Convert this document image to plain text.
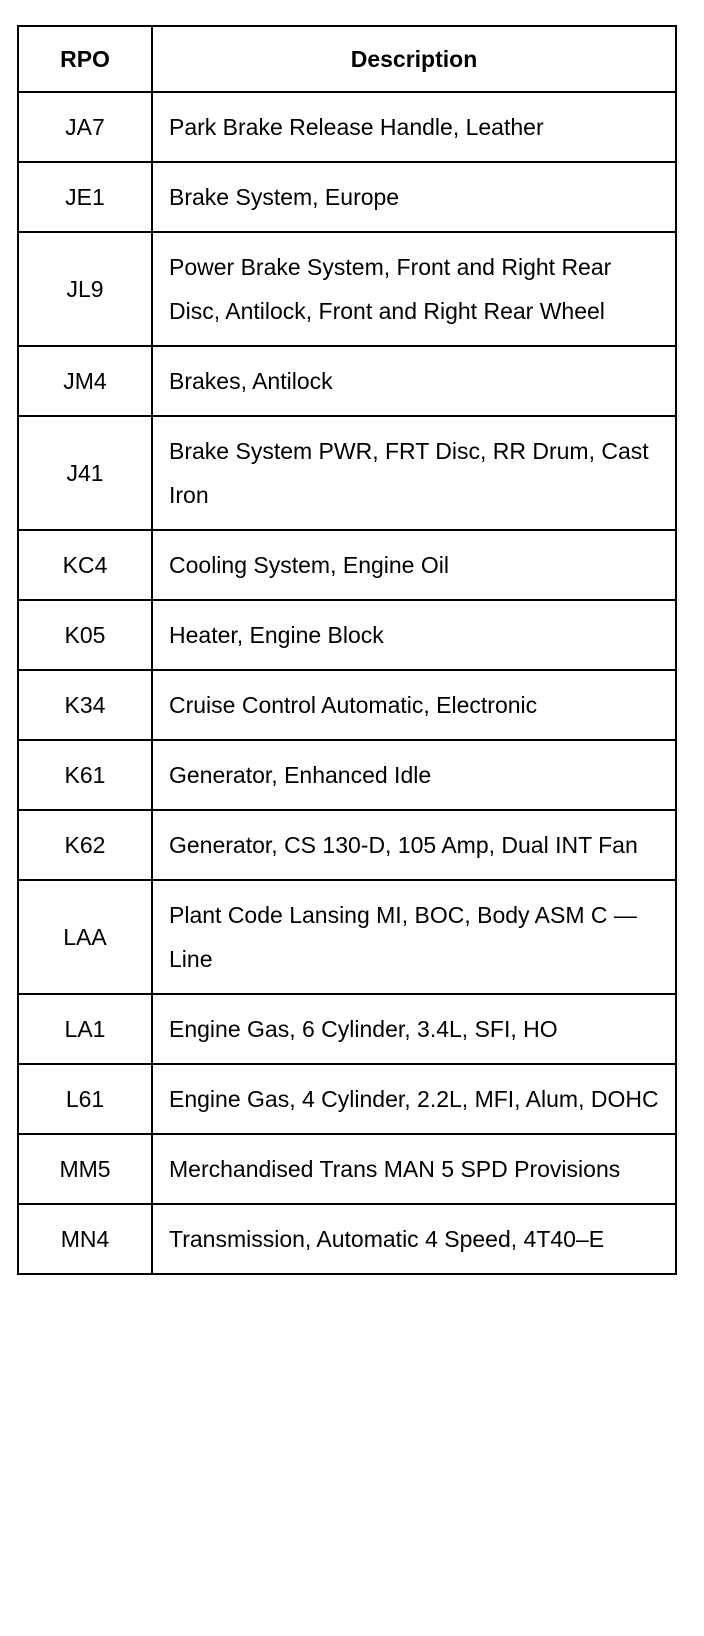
RPO	Description
JA7	Park Brake Release Handle, Leather
JE1	Brake System, Europe
JL9	Power Brake System, Front and Right Rear Disc, Antilock, Front and Right Rear Wheel
JM4	Brakes, Antilock
J41	Brake System PWR, FRT Disc, RR Drum, Cast Iron
KC4	Cooling System, Engine Oil
K05	Heater, Engine Block
K34	Cruise Control Automatic, Electronic
K61	Generator, Enhanced Idle
K62	Generator, CS 130-D, 105 Amp, Dual INT Fan
LAA	Plant Code Lansing MI, BOC, Body ASM C — Line
LA1	Engine Gas, 6 Cylinder, 3.4L, SFI, HO
L61	Engine Gas, 4 Cylinder, 2.2L, MFI, Alum, DOHC
MM5	Merchandised Trans MAN 5 SPD Provisions
MN4	Transmission, Automatic 4 Speed, 4T40–E
